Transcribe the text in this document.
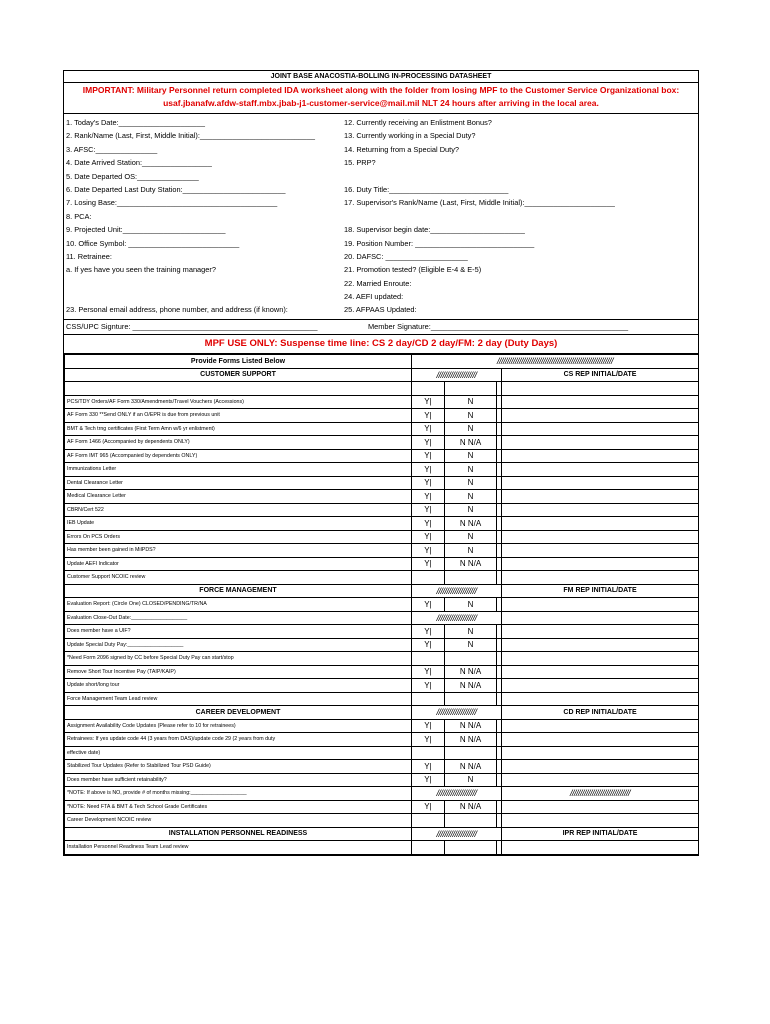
JOINT BASE ANACOSTIA-BOLLING IN-PROCESSING DATASHEET
IMPORTANT: Military Personnel return completed IDA worksheet along with the folder from losing MPF to the Customer Service Organizational box: usaf.jbanafw.afdw-staff.mbx.jbab-j1-customer-service@mail.mil NLT 24 hours after arriving in the local area.
1. Today's Date:_____________________
2. Rank/Name (Last, First, Middle Initial):____________________________
3. AFSC:_______________
4. Date Arrived Station:_________________
5. Date Departed OS:_______________
6. Date Departed Last Duty Station:_________________________
7. Losing Base:_______________________________________
8. PCA:
9. Projected Unit:_________________________
10. Office Symbol: ___________________________
11. Retrainee:
a. If yes have you seen the training manager?
23. Personal email address, phone number, and address (if known):
12. Currently receiving an Enlistment Bonus?
13. Currently working in a Special Duty?
14. Returning from a Special Duty?
15. PRP?
16. Duty Title:_____________________________
17. Supervisor's Rank/Name (Last, First, Middle Initial):______________________
18. Supervisor begin date:_______________________
19. Position Number: _____________________________
20. DAFSC: ____________________
21. Promotion tested? (Eligible E-4 & E-5)
22. Married Enroute:
24. AEFI updated:
25. AFPAAS Updated:
CSS/UPC Signture: _____________________________________________	Member Signature:________________________________________________
MPF USE ONLY: Suspense time line: CS 2 day/CD 2 day/FM: 2 day (Duty Days)
Provide Forms Listed Below	//////////////////////////////////////////////////////////			
CUSTOMER SUPPORT	////////////////////			CS REP INITIAL/DATE

PCS/TDY Orders/AF Form 330/Amendments/Travel Vouchers (Accessions)	Y|	N		
AF Form 330 **Send ONLY if an O/EPR is due from previous unit	Y|	N		
BMT & Tech trng certificates (First Term Amn w/6 yr enlistment)	Y|	N		
AF Form 1466 (Accompanied by dependents ONLY)	Y|	N N/A		
AF Form IMT 965 (Accompanied by dependents ONLY)	Y|	N		
Immunizations Letter	Y|	N		
Dental Clearance Letter	Y|	N		
Medical Clearance Letter	Y|	N		
CBRN/Cert 522	Y|	N		
IEB Update	Y|	N N/A		
Errors On PCS Orders	Y|	N		
Has member been gained in MilPDS?	Y|	N		
Update AEFI Indicator	Y|	N N/A		
Customer Support NCOIC review				
FORCE MANAGEMENT	////////////////////			FM REP INITIAL/DATE
Evaluation Report: (Circle One) CLOSED/PENDING/TR/NA	Y|	N		
Evaluation Close-Out Date:___________________	////////////////////			
Does member have a UIF?	Y|	N		
Update Special Duty Pay:___________________	Y|	N		
*Need Form 2096 signed by CC before Special Duty Pay can start/stop				
Remove Short Tour Incentive Pay (TAIP/KAIP)	Y|	N N/A		
Update short/long tour	Y|	N N/A		
Force Management Team Lead review				
CAREER DEVELOPMENT	////////////////////			CD REP INITIAL/DATE
Assignment Availability Code Updates (Please refer to 10 for retrainees)	Y|	N N/A		
Retrainees: If yes update code 44 (3 years from DAS)/update code 29 (2 years from duty	Y|	N N/A		
effective date)				
Stabilized Tour Updates (Refer to Stabilized Tour PSD Guide)	Y|	N N/A		
Does member have sufficient retainability?	Y|	N		
*NOTE: If above is NO, provide # of months missing:___________________	////////////////////			//////////////////////////////
*NOTE: Need FTA & BMT & Tech School Grade Certificates	Y|	N N/A		
Career Development NCOIC review				
INSTALLATION PERSONNEL READINESS	////////////////////			IPR REP INITIAL/DATE
Installation Personnel Readiness Team Lead review				
